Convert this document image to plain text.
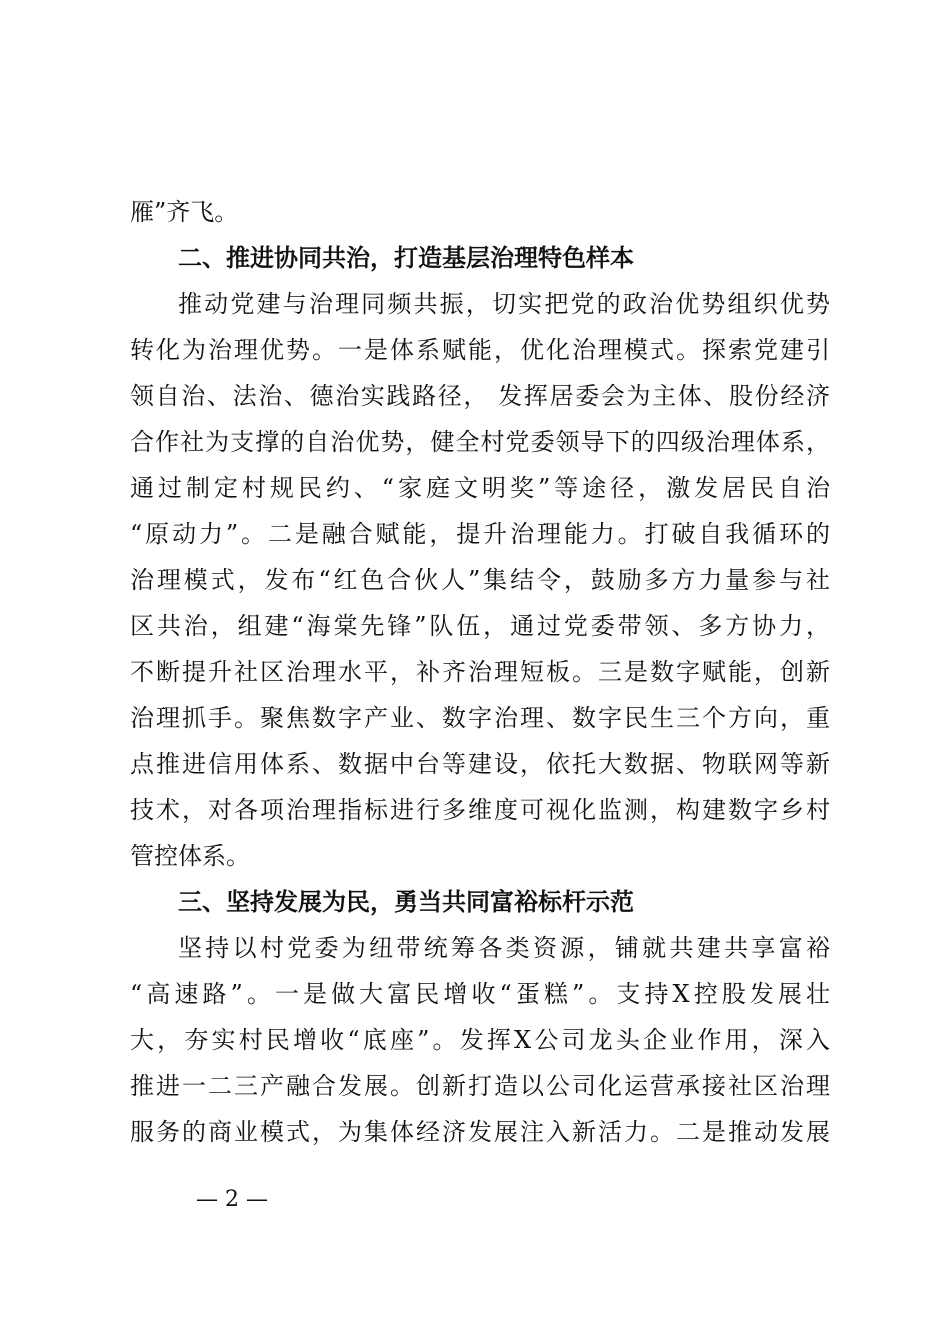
雁”齐飞。
二、推进协同共治，打造基层治理特色样本
推动党建与治理同频共振，切实把党的政治优势组织优势
转化为治理优势。一是体系赋能，优化治理模式。探索党建引
领自治、法治、德治实践路径， 发挥居委会为主体、股份经济
合作社为支撑的自治优势，健全村党委领导下的四级治理体系，
通过制定村规民约、“家庭文明奖”等途径，激发居民自治
“原动力”。二是融合赋能，提升治理能力。打破自我循环的
治理模式，发布“红色合伙人”集结令，鼓励多方力量参与社
区共治，组建“海棠先锋”队伍，通过党委带领、多方协力，
不断提升社区治理水平，补齐治理短板。三是数字赋能，创新
治理抓手。聚焦数字产业、数字治理、数字民生三个方向，重
点推进信用体系、数据中台等建设，依托大数据、物联网等新
技术，对各项治理指标进行多维度可视化监测，构建数字乡村
管控体系。
三、坚持发展为民，勇当共同富裕标杆示范
坚持以村党委为纽带统筹各类资源，铺就共建共享富裕
“高速路”。一是做大富民增收“蛋糕”。支持X控股发展壮
大，夯实村民增收“底座”。发挥X公司龙头企业作用，深入
推进一二三产融合发展。创新打造以公司化运营承接社区治理
服务的商业模式，为集体经济发展注入新活力。二是推动发展
— 2 —
